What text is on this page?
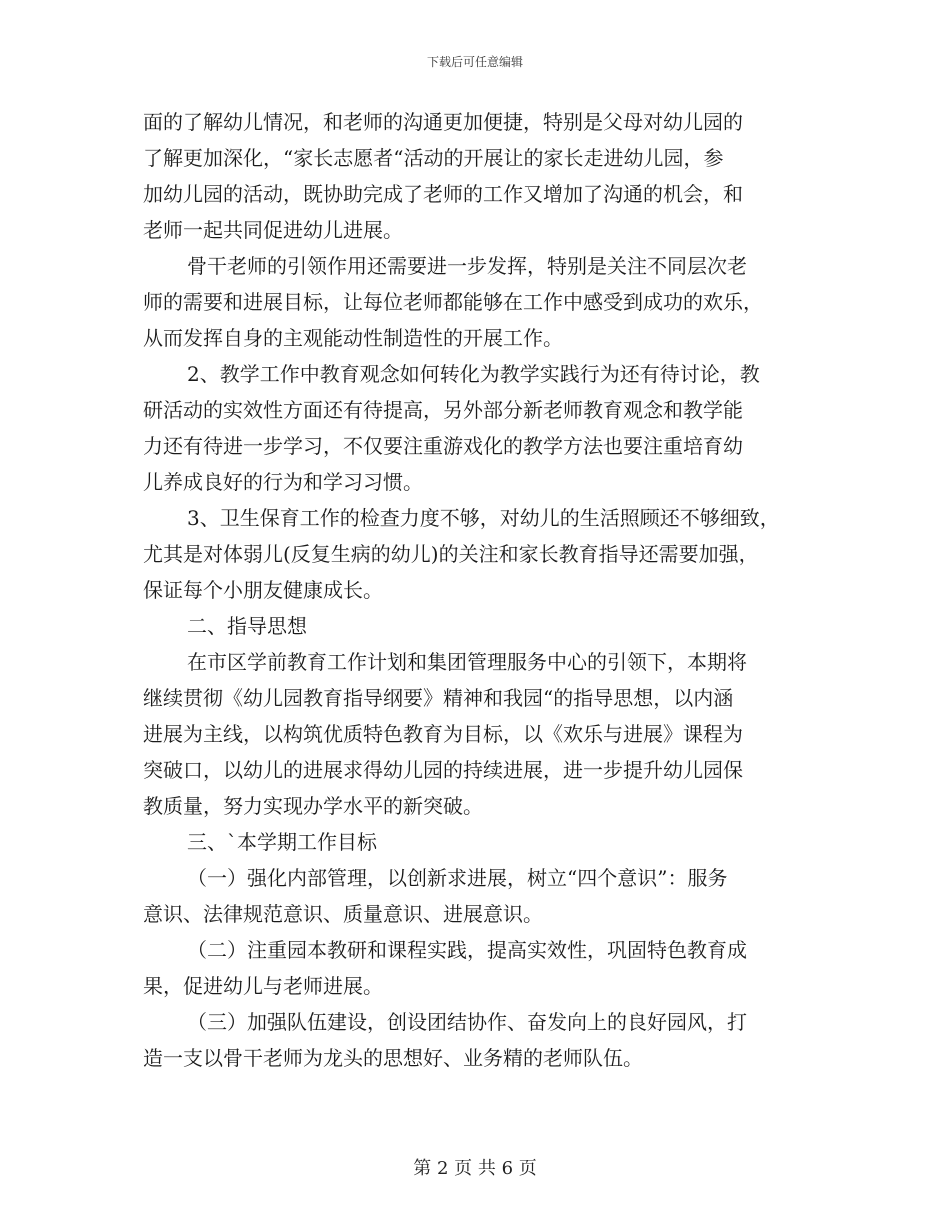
下载后可任意编辑

面的了解幼儿情况，和老师的沟通更加便捷，特别是父母对幼儿园的

了解更加深化，“家长志愿者“活动的开展让的家长走进幼儿园，参

加幼儿园的活动，既协助完成了老师的工作又增加了沟通的机会，和

老师一起共同促进幼儿进展。

骨干老师的引领作用还需要进一步发挥，特别是关注不同层次老

师的需要和进展目标，让每位老师都能够在工作中感受到成功的欢乐，

从而发挥自身的主观能动性制造性的开展工作。

2、教学工作中教育观念如何转化为教学实践行为还有待讨论，教

研活动的实效性方面还有待提高，另外部分新老师教育观念和教学能

力还有待进一步学习，不仅要注重游戏化的教学方法也要注重培育幼

儿养成良好的行为和学习习惯。

3、卫生保育工作的检查力度不够，对幼儿的生活照顾还不够细致，

尤其是对体弱儿(反复生病的幼儿)的关注和家长教育指导还需要加强，

保证每个小朋友健康成长。

二、指导思想

在市区学前教育工作计划和集团管理服务中心的引领下，本期将

继续贯彻《幼儿园教育指导纲要》精神和我园“的指导思想，以内涵

进展为主线，以构筑优质特色教育为目标，以《欢乐与进展》课程为

突破口，以幼儿的进展求得幼儿园的持续进展，进一步提升幼儿园保

教质量，努力实现办学水平的新突破。

三、`本学期工作目标

（一）强化内部管理，以创新求进展，树立“四个意识”：服务

意识、法律规范意识、质量意识、进展意识。

（二）注重园本教研和课程实践，提高实效性，巩固特色教育成

果，促进幼儿与老师进展。

（三）加强队伍建设，创设团结协作、奋发向上的良好园风，打

造一支以骨干老师为龙头的思想好、业务精的老师队伍。

第 2 页 共 6 页
